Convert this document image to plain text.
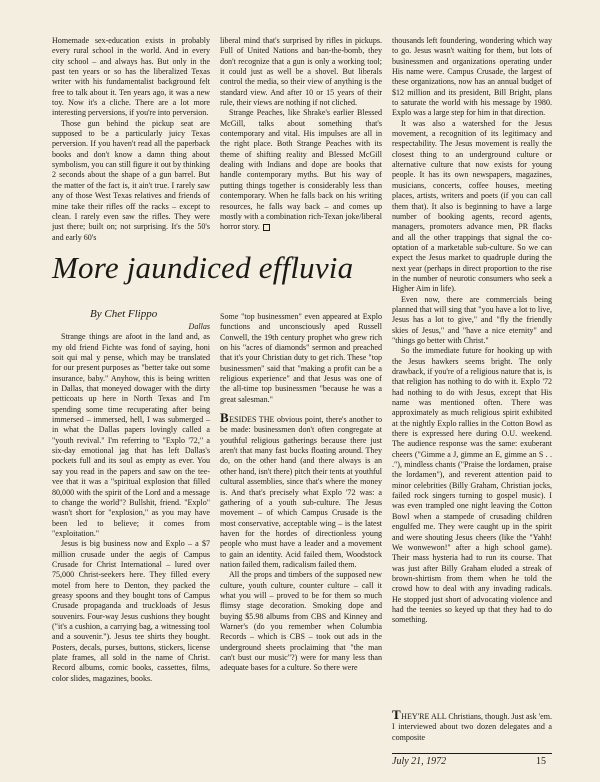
Homemade sex-education exists in probably every rural school in the world. And in every city school – and always has. But only in the past ten years or so has the liberalized Texas writer with his fundamentalist background felt free to talk about it. Ten years ago, it was a new toy. Now it's a cliche. There are a lot more interesting perversions, if you're into perversion.

Those gun behind the pickup seat are supposed to be a particularly juicy Texas perversion. If you haven't read all the paperback books and don't know a damn thing about symbolism, you can still figure it out by thinking 2 seconds about the shape of a gun barrel. But the matter of the fact is, it ain't true. I rarely saw any of those West Texas relatives and friends of mine take their rifles off the racks – except to clean. I rarely even saw the rifles. They were just there; built on; not surprising. It's the 50's and early 60's

liberal mind that's surprised by rifles in pickups. Full of United Nations and ban-the-bomb, they don't recognize that a gun is only a working tool; it could just as well be a shovel. But liberals control the media, so their view of anything is the standard view. And after 10 or 15 years of their rule, their views are nothing if not cliched.

Strange Peaches, like Shrake's earlier Blessed McGill, talks about something that's contemporary and vital. His impulses are all in the right place. Both Strange Peaches with its theme of shifting reality and Blessed McGill dealing with Indians and dope are books that handle contemporary myths. But his way of putting things together is considerably less than contemporary. When he falls back on his writing resources, he falls way back – and comes up mostly with a combination rich-Texan joke/liberal horror story.

thousands left foundering, wondering which way to go. Jesus wasn't waiting for them, but lots of businessmen and organizations operating under His name were. Campus Crusade, the largest of these organizations, now has an annual budget of $12 million and its president, Bill Bright, plans to saturate the world with his message by 1980. Explo was a large step for him in that direction.

It was also a watershed for the Jesus movement, a recognition of its legitimacy and respectability. The Jesus movement is really the closest thing to an underground culture or alternative culture that now exists for young people. It has its own newspapers, magazines, musicians, concerts, coffee houses, meeting places, artists, writers and poets (if you can call them that). It also is beginning to have a large number of booking agents, record agents, managers, promoters advance men, PR flacks and all the other trappings that signal the co-optation of a marketable sub-culture. So we can expect the Jesus market to quadruple during the next year (perhaps in direct proportion to the rise in the number of neurotic consumers who seek a Higher Aim in life).

Even now, there are commercials being planned that will sing that "you have a lot to live, Jesus has a lot to give," and "fly the friendly skies of Jesus," and "have a nice eternity" and "things go better with Christ."

So the immediate future for hooking up with the Jesus hawkers seems bright. The only drawback, if you're of a religious nature that is, is that religion has nothing to do with it. Explo '72 had nothing to do with Jesus, except that His name was mentioned often. There was approximately as much religious spirit exhibited at the nightly Explo rallies in the Cotton Bowl as there is expressed here during O.U. weekend. The audience response was the same: exuberant cheers ("Gimme a J, gimme an E, gimme an S . . ."), mindless chants ("Praise the lordamen, praise the lordamen"), and reverent attention paid to minor celebrities (Billy Graham, Christian jocks, failed rock singers turning to gospel music). I was even trampled one night leaving the Cotton Bowl when a stampede of crusading children engulfed me. They were caught up in the spirit and were shouting Jesus cheers (like the "Yahh! We wonwewon!" after a high school game). Their mass hysteria had to run its course. That was just after Billy Graham eluded a streak of brown-shirtism from them when he told the crowd how to deal with any invading radicals. He stopped just short of advocating violence and had the teenies so keyed up that they had to do something.

More jaundiced effluvia
By Chet Flippo

Dallas

Strange things are afoot in the land and, as my old friend Fichte was fond of saying, honi soit qui mal y pense, which may be translated for our present purposes as "better take out some insurance, baby." Anyhow, this is being written in Dallas, that moneyed dowager with the dirty petticoats up here in North Texas and I'm spending some time recuperating after being immersed – immersed, hell, I was submerged – in what the Dallas papers lovingly called a "youth revival." I'm referring to "Explo '72," a six-day emotional jag that has left Dallas's pockets full and its soul as empty as ever. You say you read in the papers and saw on the tee-vee that it was a "spiritual explosion that filled 80,000 with the spirit of the Lord and a message to change the world"? Bullshit, friend. "Explo" wasn't short for "explosion," as you may have been led to believe; it comes from "exploitation."

Jesus is big business now and Explo – a $7 million crusade under the aegis of Campus Crusade for Christ International – lured over 75,000 Christ-seekers here. They filled every motel from here to Denton, they packed the greasy spoons and they bought tons of Campus Crusade propaganda and truckloads of Jesus souvenirs. Four-way Jesus cushions they bought ("it's a cushion, a carrying bag, a witnessing tool and a souvenir."). Jesus tee shirts they bought. Posters, decals, purses, buttons, stickers, license plate frames, all sold in the name of Christ. Record albums, comic books, cassettes, films, color slides, magazines, books.

Some "top businessmen" even appeared at Explo functions and unconsciously aped Russell Conwell, the 19th century prophet who grew rich on his "acres of diamonds" sermon and preached that it's your Christian duty to get rich. These "top businessmen" said that "making a profit can be a religious experience" and that Jesus was one of the all-time top businessmen "because he was a great salesman."

BESIDES THE obvious point, there's another to be made: businessmen don't often congregate at youthful religious gatherings because there just aren't that many fast bucks floating around. They do, on the other hand (and there always is an other hand, isn't there) pitch their tents at youthful cultural assemblies, since that's where the money is. And that's precisely what Explo '72 was: a gathering of a youth sub-culture. The Jesus movement – of which Campus Crusade is the most conservative, acceptable wing – is the latest haven for the hordes of directionless young people who must have a leader and a movement to gain an identity. Acid failed them, Woodstock nation failed them, radicalism failed them.

All the props and timbers of the supposed new culture, youth culture, counter culture – call it what you will – proved to be for them so much flimsy stage decoration. Smoking dope and buying $5.98 albums from CBS and Kinney and Warner's (do you remember when Columbia Records – which is CBS – took out ads in the underground sheets proclaiming that "the man can't bust our music"?) were for many less than adequate bases for a culture. So there were

THEY'RE ALL Christians, though. Just ask 'em. I interviewed about two dozen delegates and a composite
July 21, 1972	15
